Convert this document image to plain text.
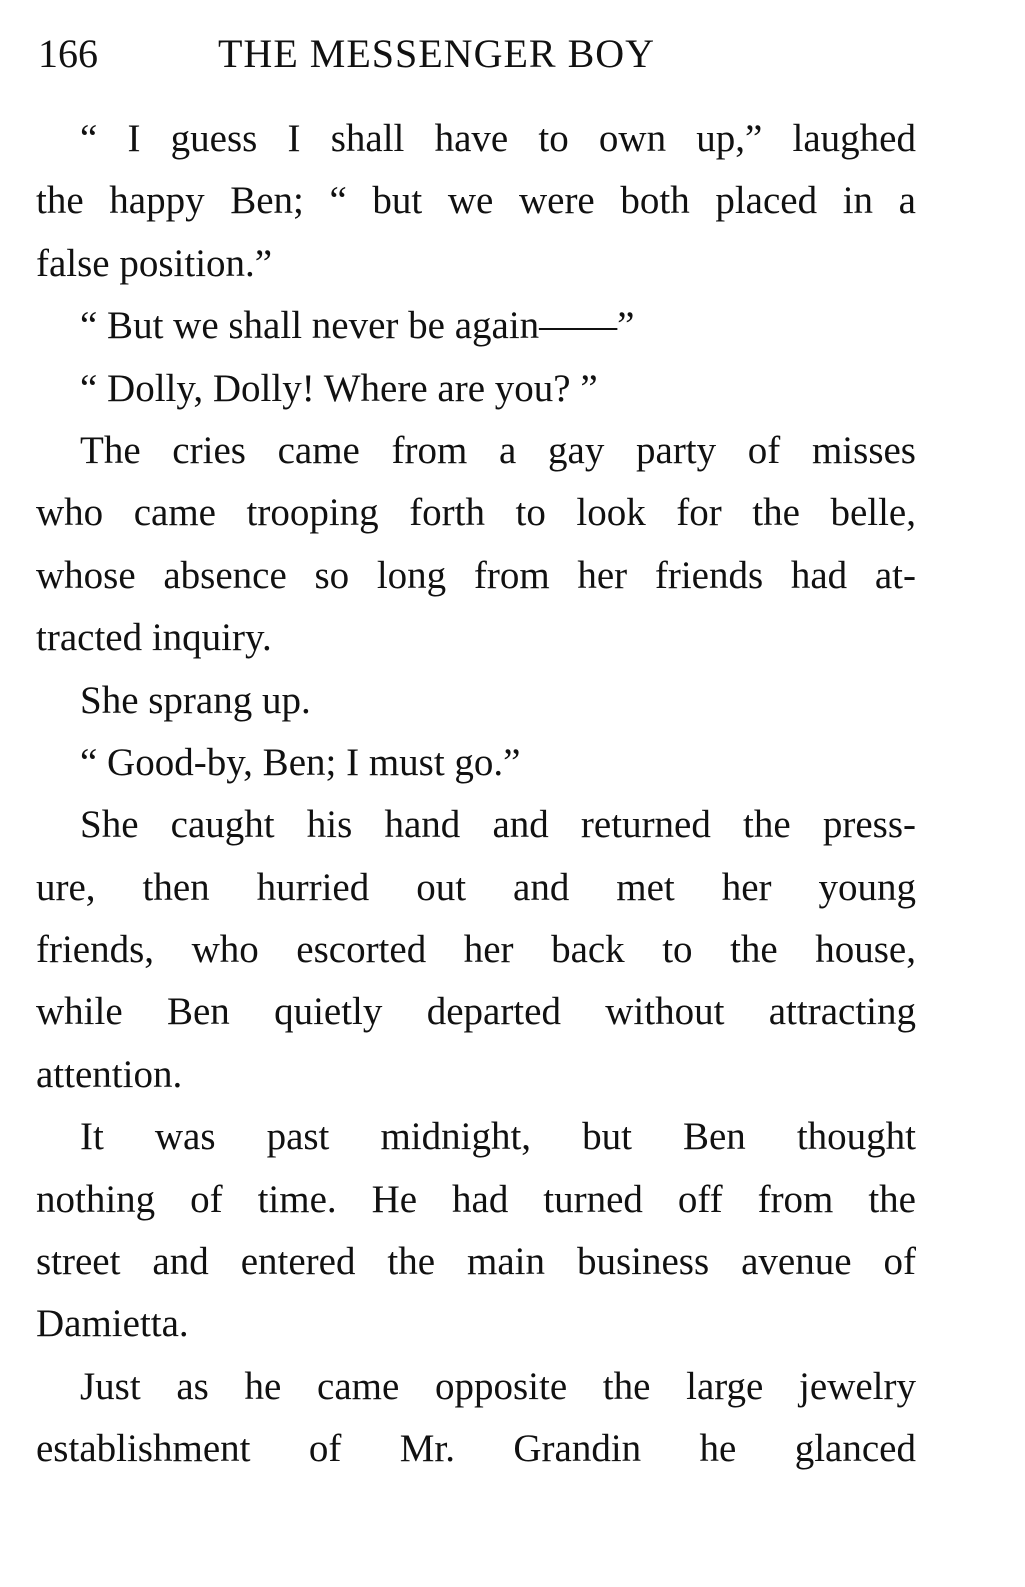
166	THE MESSENGER BOY
“ I guess I shall have to own up,” laughed
the happy Ben; “ but we were both placed in a
false position.”
“ But we shall never be again——”
“ Dolly, Dolly! Where are you? ”
The cries came from a gay party of misses
who came trooping forth to look for the belle,
whose absence so long from her friends had at-
tracted inquiry.
She sprang up.
“ Good-by, Ben; I must go.”
She caught his hand and returned the press-
ure, then hurried out and met her young
friends, who escorted her back to the house,
while Ben quietly departed without attracting
attention.
It was past midnight, but Ben thought
nothing of time. He had turned off from the
street and entered the main business avenue of
Damietta.
Just as he came opposite the large jewelry
establishment of Mr. Grandin he glanced
